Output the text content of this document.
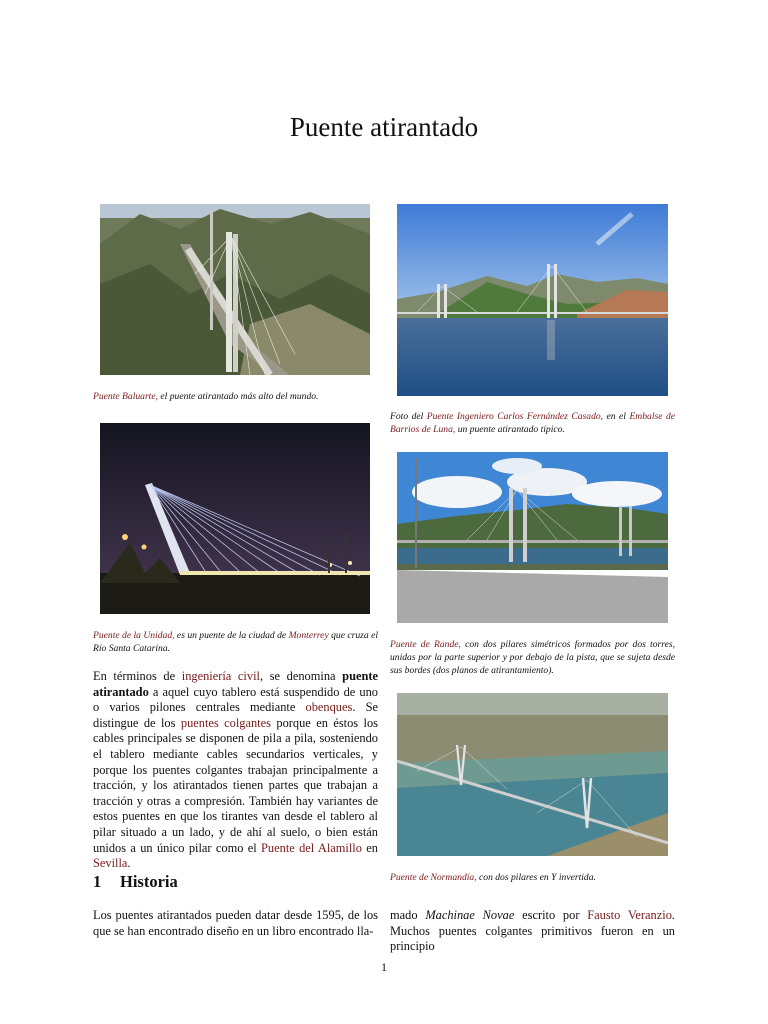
Puente atirantado
Puente Baluarte, el puente atirantado más alto del mundo.
Foto del Puente Ingeniero Carlos Fernández Casado, en el Embalse de Barrios de Luna, un puente atirantado típico.
Puente de la Unidad, es un puente de la ciudad de Monterrey que cruza el Río Santa Catarina.	Puente de Rande, con dos pilares simétricos formados por dos torres, unidas por la parte superior y por debajo de la pista, que se sujeta desde sus bordes (dos planos de atirantamiento).
Puente de Normandía, con dos pilares en Y invertida.

En términos de ingeniería civil, se denomina puente atirantado a aquel cuyo tablero está suspendido de uno o varios pilones centrales mediante obenques. Se distingue de los puentes colgantes porque en éstos los cables principales se disponen de pila a pila, sosteniendo el tablero mediante cables secundarios verticales, y porque los puentes colgantes trabajan principalmente a tracción, y los atirantados tienen partes que trabajan a tracción y otras a compresión. También hay variantes de estos puentes en que los tirantes van desde el tablero al pilar situado a un lado, y de ahí al suelo, o bien están unidos a un único pilar como el Puente del Alamillo en Sevilla.

1 Historia

Los puentes atirantados pueden datar desde 1595, de los que se han encontrado diseño en un libro encontrado lla-

mado Machinae Novae escrito por Fausto Veranzio. Muchos puentes colgantes primitivos fueron en un principio

1
